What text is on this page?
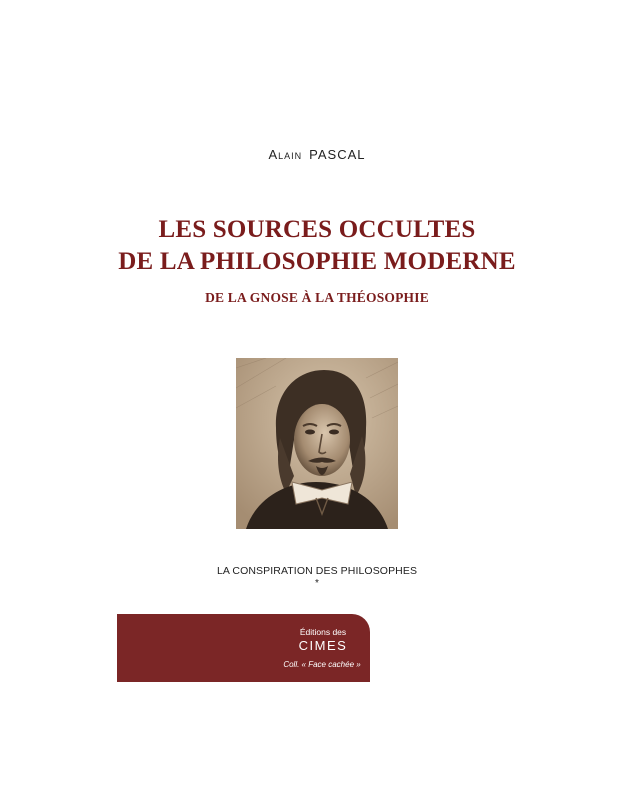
Alain PASCAL
LES SOURCES OCCULTES
DE LA PHILOSOPHIE MODERNE
DE LA GNOSE À LA THÉOSOPHIE
LA CONSPIRATION DES PHILOSOPHES
*
Éditions des
CIMES
Coll. « Face cachée »
